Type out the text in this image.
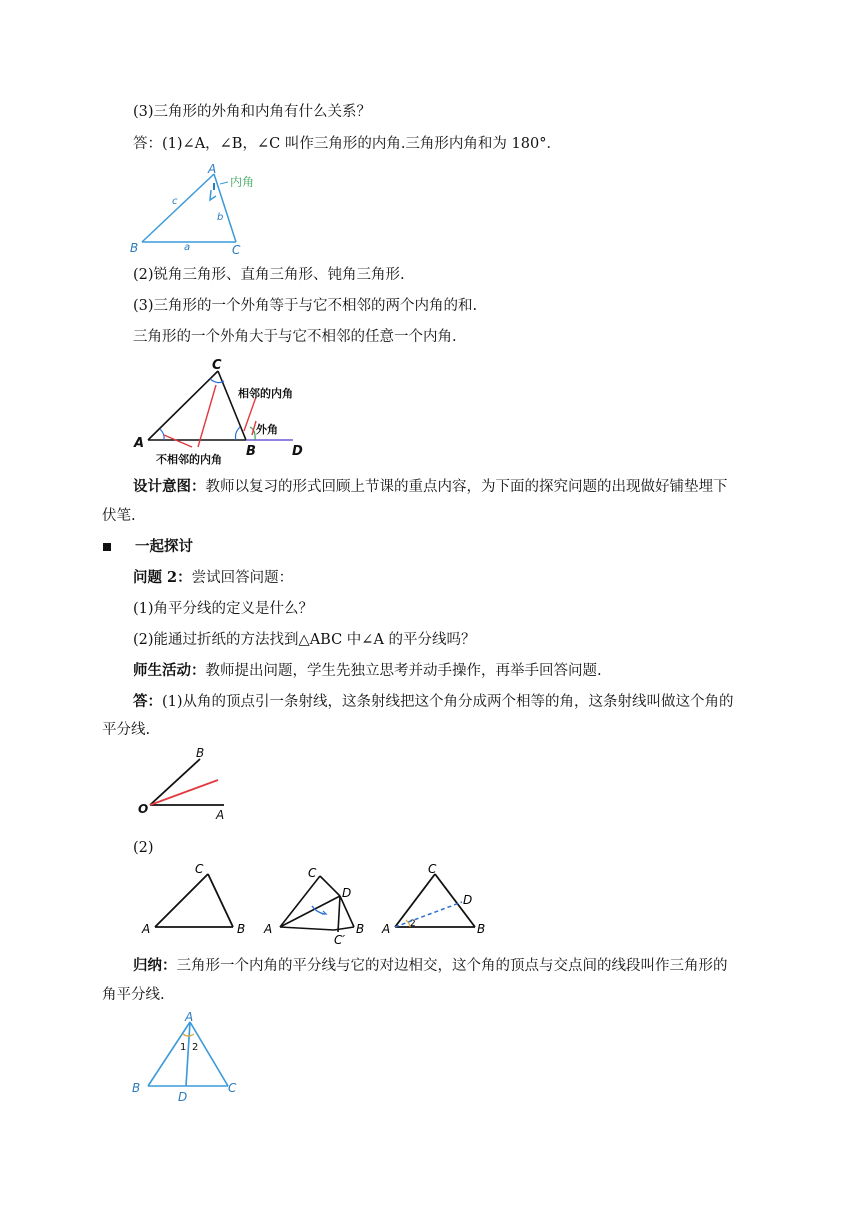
(3)三角形的外角和内角有什么关系？
答：(1)∠A，∠B，∠C 叫作三角形的内角.三角形内角和为 180°．
A
B	C
a
b
c
内角
(2)锐角三角形、直角三角形、钝角三角形.
(3)三角形的一个外角等于与它不相邻的两个内角的和.
三角形的一个外角大于与它不相邻的任意一个内角.
C
A
B	D
相邻的内角
外角
不相邻的内角
设计意图：教师以复习的形式回顾上节课的重点内容，为下面的探究问题的出现做好铺垫埋下
伏笔.
一起探讨
问题 2：尝试回答问题：
(1)角平分线的定义是什么？
(2)能通过折纸的方法找到△ABC 中∠A 的平分线吗？
师生活动：教师提出问题，学生先独立思考并动手操作，再举手回答问题.
答：(1)从角的顶点引一条射线，这条射线把这个角分成两个相等的角，这条射线叫做这个角的
平分线.
O	A
B
(2)
A	B
C
A	B
C
D
C′
A	B
C
D
2
归纳：三角形一个内角的平分线与它的对边相交，这个角的顶点与交点间的线段叫作三角形的
角平分线.
A
B	C
D
1 2
